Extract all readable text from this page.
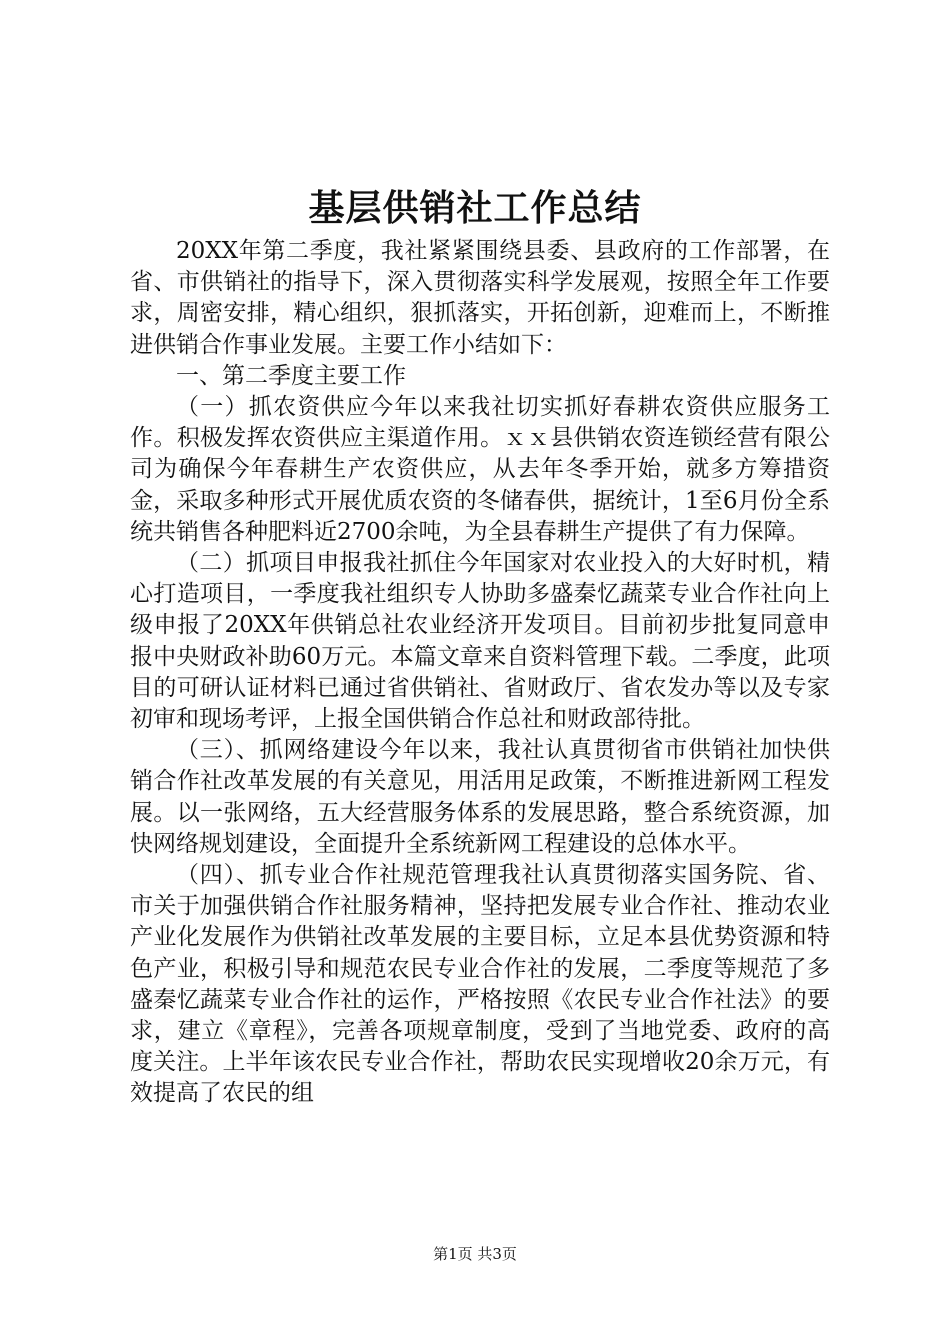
基层供销社工作总结

20XX年第二季度，我社紧紧围绕县委、县政府的工作部署，在省、市供销社的指导下，深入贯彻落实科学发展观，按照全年工作要求，周密安排，精心组织，狠抓落实，开拓创新，迎难而上，不断推进供销合作事业发展。主要工作小结如下：

一、第二季度主要工作

（一）抓农资供应今年以来我社切实抓好春耕农资供应服务工作。积极发挥农资供应主渠道作用。ｘｘ县供销农资连锁经营有限公司为确保今年春耕生产农资供应，从去年冬季开始，就多方筹措资金，采取多种形式开展优质农资的冬储春供，据统计，1至6月份全系统共销售各种肥料近2700余吨，为全县春耕生产提供了有力保障。

（二）抓项目申报我社抓住今年国家对农业投入的大好时机，精心打造项目，一季度我社组织专人协助多盛秦忆蔬菜专业合作社向上级申报了20XX年供销总社农业经济开发项目。目前初步批复同意申报中央财政补助60万元。本篇文章来自资料管理下载。二季度，此项目的可研认证材料已通过省供销社、省财政厅、省农发办等以及专家初审和现场考评，上报全国供销合作总社和财政部待批。

（三）、抓网络建设今年以来，我社认真贯彻省市供销社加快供销合作社改革发展的有关意见，用活用足政策，不断推进新网工程发展。以一张网络，五大经营服务体系的发展思路，整合系统资源，加快网络规划建设，全面提升全系统新网工程建设的总体水平。

（四）、抓专业合作社规范管理我社认真贯彻落实国务院、省、市关于加强供销合作社服务精神，坚持把发展专业合作社、推动农业产业化发展作为供销社改革发展的主要目标，立足本县优势资源和特色产业，积极引导和规范农民专业合作社的发展，二季度等规范了多盛秦忆蔬菜专业合作社的运作，严格按照《农民专业合作社法》的要求，建立《章程》，完善各项规章制度，受到了当地党委、政府的高度关注。上半年该农民专业合作社，帮助农民实现增收20余万元，有效提高了农民的组

第1页 共3页
